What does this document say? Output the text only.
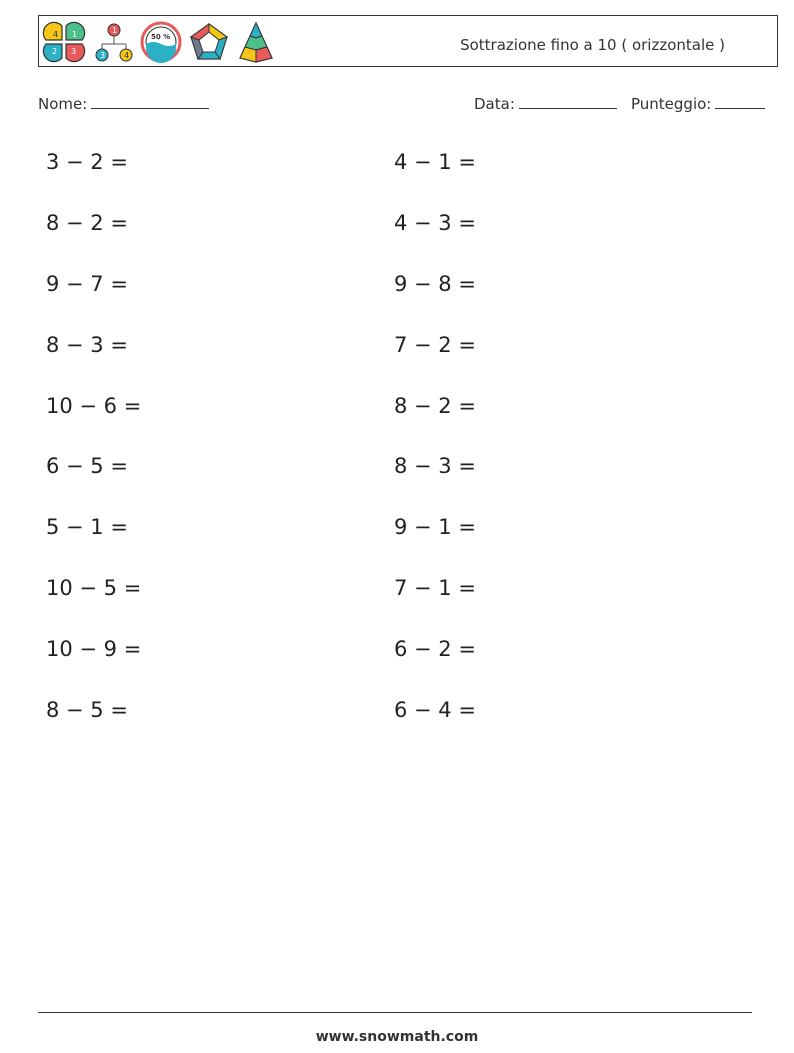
4 1
2 3
1
3 4
50 %	Sottrazione fino a 10 ( orizzontale )
Nome:	Data:	Punteggio:
3 − 2 =
8 − 2 =
9 − 7 =
8 − 3 =
10 − 6 =
6 − 5 =
5 − 1 =
10 − 5 =
10 − 9 =
8 − 5 =
4 − 1 =
4 − 3 =
9 − 8 =
7 − 2 =
8 − 2 =
8 − 3 =
9 − 1 =
7 − 1 =
6 − 2 =
6 − 4 =
www.snowmath.com
